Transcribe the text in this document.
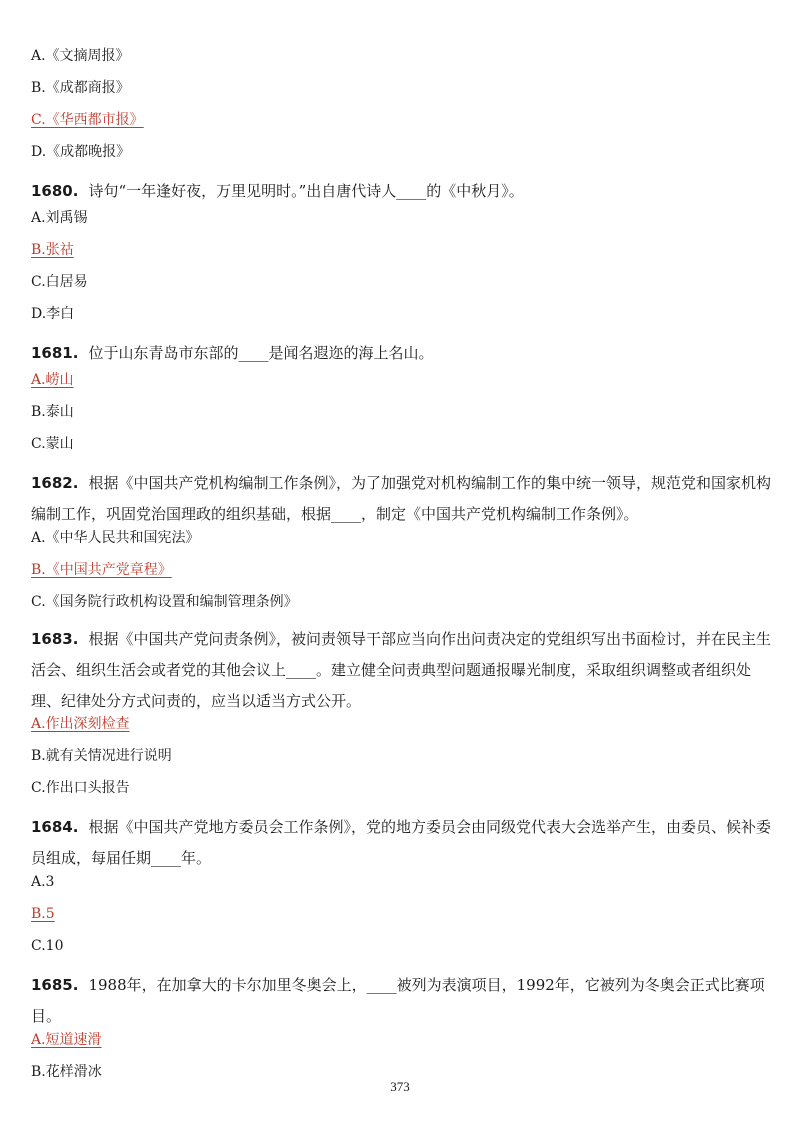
A.《文摘周报》
B.《成都商报》
C.《华西都市报》
D.《成都晚报》
1680. 诗句“一年逢好夜，万里见明时。”出自唐代诗人____的《中秋月》。
A.刘禹锡
B.张祜
C.白居易
D.李白
1681. 位于山东青岛市东部的____是闻名遐迩的海上名山。
A.崂山
B.泰山
C.蒙山
1682. 根据《中国共产党机构编制工作条例》，为了加强党对机构编制工作的集中统一领导，规范党和国家机构编制工作，巩固党治国理政的组织基础，根据____，制定《中国共产党机构编制工作条例》。
A.《中华人民共和国宪法》
B.《中国共产党章程》
C.《国务院行政机构设置和编制管理条例》
1683. 根据《中国共产党问责条例》，被问责领导干部应当向作出问责决定的党组织写出书面检讨，并在民主生活会、组织生活会或者党的其他会议上____。建立健全问责典型问题通报曝光制度，采取组织调整或者组织处理、纪律处分方式问责的，应当以适当方式公开。
A.作出深刻检查
B.就有关情况进行说明
C.作出口头报告
1684. 根据《中国共产党地方委员会工作条例》，党的地方委员会由同级党代表大会选举产生，由委员、候补委员组成，每届任期____年。
A.3
B.5
C.10
1685. 1988年，在加拿大的卡尔加里冬奥会上，____被列为表演项目，1992年，它被列为冬奥会正式比赛项目。
A.短道速滑
B.花样滑冰
373
